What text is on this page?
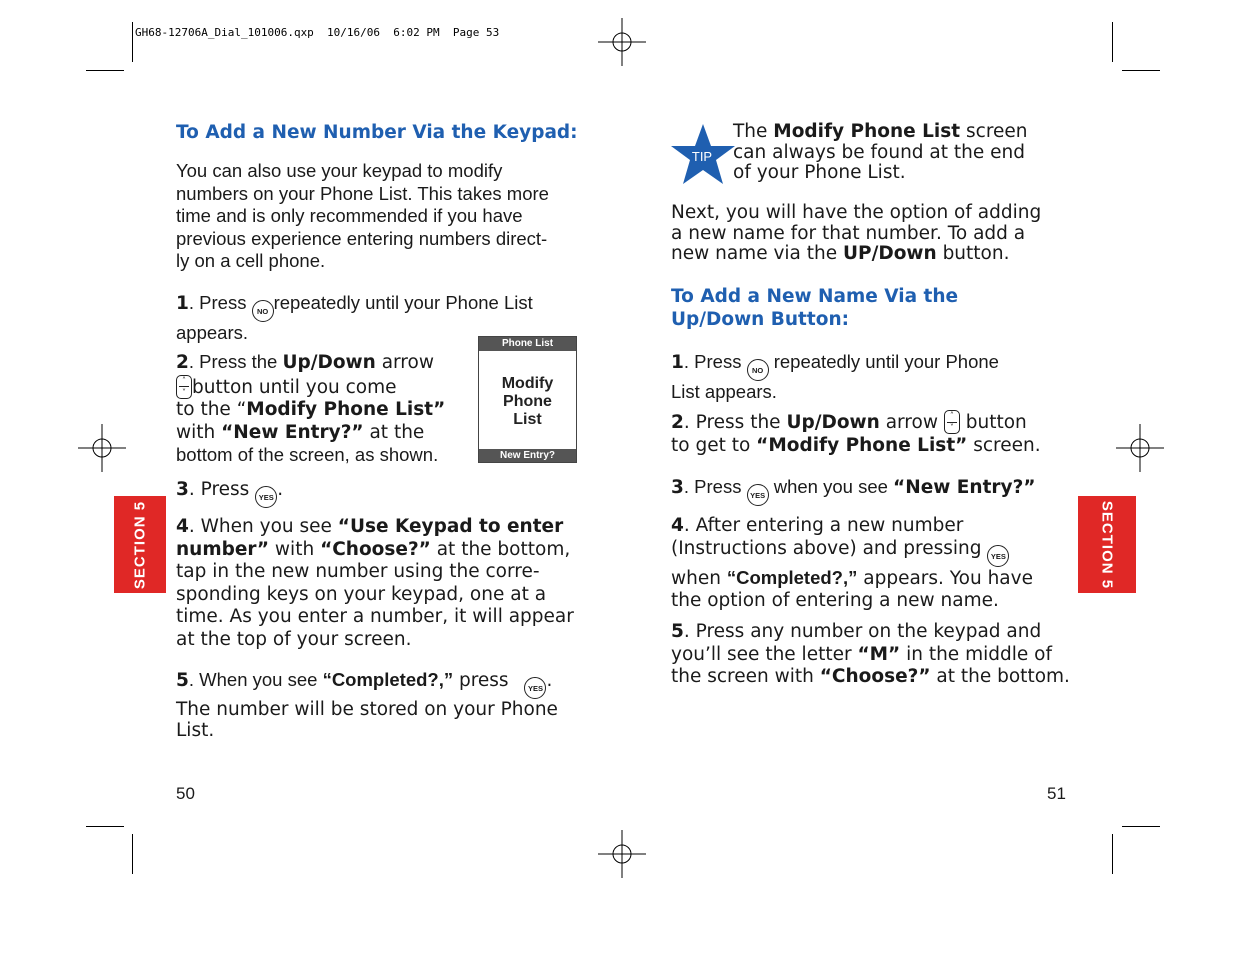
GH68-12706A_Dial_101006.qxp  10/16/06  6:02 PM  Page 53
To Add a New Number Via the Keypad:
You can also use your keypad to modify
numbers on your Phone List. This takes more
time and is only recommended if you have
previous experience entering numbers direct-
ly on a cell phone.
1. Press NO repeatedly until your Phone List
appears.
2. Press the Up/Down arrow
˄
˅ button until you come
to the “Modify Phone List”
with “New Entry?” at the
bottom of the screen, as shown.
Phone List
Modify
Phone
List
New Entry?
3. Press YES .
4. When you see “Use Keypad to enter
number” with “Choose?” at the bottom,
tap in the new number using the corre-
sponding keys on your keypad, one at a
time. As you enter a number, it will appear
at the top of your screen.
5. When you see “Completed?,” press YES .
The number will be stored on your Phone
List.
50
SECTION 5
TIP
The Modify Phone List screen
can always be found at the end
of your Phone List.
Next, you will have the option of adding
a new name for that number. To add a
new name via the UP/Down button.
To Add a New Name Via the
Up/Down Button:
1. Press NO repeatedly until your Phone
List appears.
2. Press the Up/Down arrow ˄
˅ button
to get to “Modify Phone List” screen.
3. Press YES when you see “New Entry?”
4. After entering a new number
(Instructions above) and pressing YES
when “Completed?,” appears. You have
the option of entering a new name.
5. Press any number on the keypad and
you’ll see the letter “M” in the middle of
the screen with “Choose?” at the bottom.
51
SECTION 5
